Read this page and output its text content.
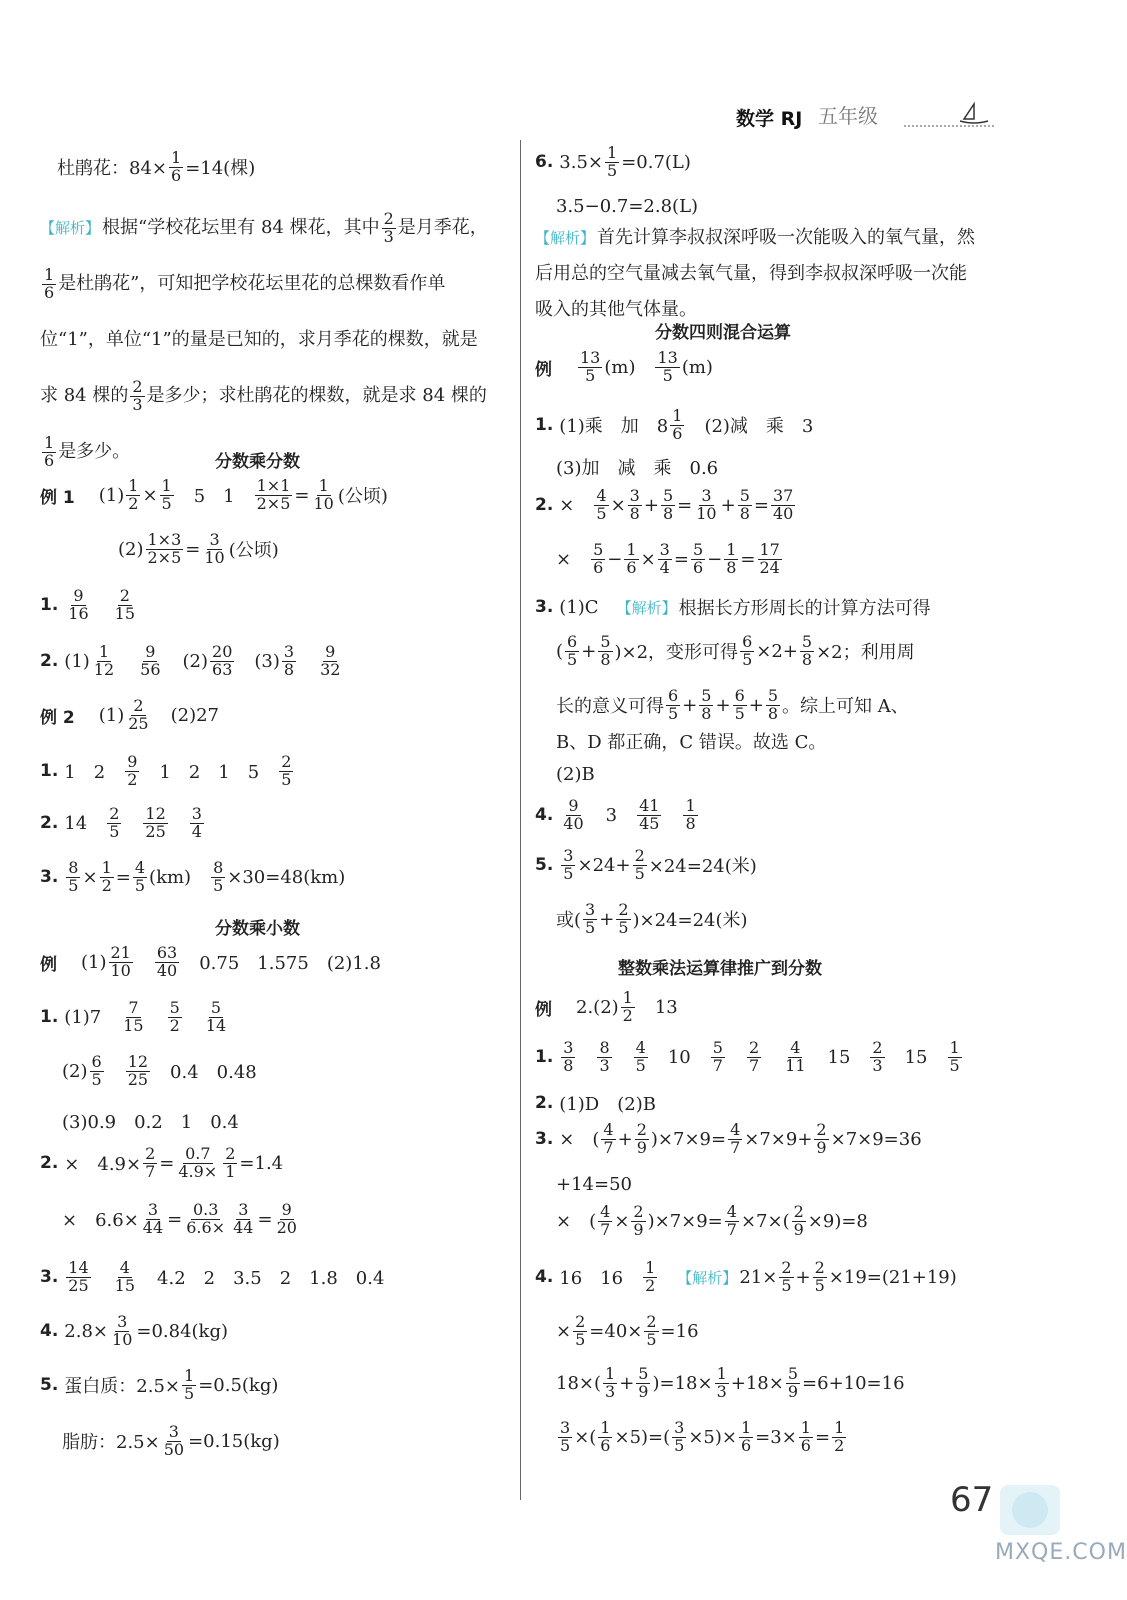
数学 RJ 五年级
杜鹃花：$84\times \frac{1}{6} =14$(棵)
【解析】 根据“学校花坛里有 84 棵花，其中 $\frac{2}{3}$ 是月季花，
$\frac{1}{6}$ 是杜鹃花”，可知把学校花坛里花的总棵数看作单位“1”，单位“1”的量是已知的，求月季花的棵数，就是求 84 棵的 $\frac{2}{3}$ 是多少；求杜鹃花的棵数，就是求 84 棵的
$\frac{1}{6}$ 是多少。	分数乘分数
例 1 $(1) \frac{1}{2} \times \frac{1}{5} 5$　$1 \frac{1\times 1}{2\times 5} = \frac{1}{10}$ (公顷)
$(2) \frac{1\times 3}{2\times 5} = \frac{3}{10}$ (公顷)
1. $\frac{9}{16} \frac{2}{15}$
2. $(1) \frac{1}{12} \frac{9}{56} (2) \frac{20}{63} (3) \frac{3}{8} \frac{9}{32}$
例 2 $(1) \frac{2}{25} (2)27$
1. 1　$2 \frac{9}{2} 1$　2　1　$5 \frac{2}{5}$
2. $14 \frac{2}{5} \frac{12}{25} \frac{3}{4}$
3. $\frac{8}{5} \times \frac{1}{2} = \frac{4}{5} (km) \frac{8}{5} \times 30=48(km)$
分数乘小数
例 $(1) \frac{21}{10} \frac{63}{40} 0.75$　1.575　(2)1.8
1. $(1)7 \frac{7}{15} \frac{5}{2} \frac{5}{14}$
$(2) \frac{6}{5} \frac{12}{25} 0.4$　0.48
(3)0.9　0.2　1　0.4
2. ×　$4.9\times \frac{2}{7} = \frac{0.7}{4.9\times} \frac{2}{1} =1.4$
×　$6.6\times \frac{3}{44} = \frac{0.3}{6.6\times} \frac{3}{44} = \frac{9}{20}$
3. $\frac{14}{25} \frac{4}{15} 4.2$　2　3.5　2　1.8　0.4
4. $2.8\times \frac{3}{10} =0.84(kg)$
5. 蛋白质：$2.5\times \frac{1}{5} =0.5(kg)$
脂肪：$2.5\times \frac{3}{50} =0.15(kg)$
6. $3.5\times \frac{1}{5} =0.7(L)$
3.5−0.7=2.8(L)
【解析】 首先计算李叔叔深呼吸一次能吸入的氧气量，然后用总的空气量减去氧气量，得到李叔叔深呼吸一次能吸入的其他气体量。
分数四则混合运算
例 $\frac{13}{5} (m) \frac{13}{5} (m)$
1. (1)乘　加　$8 \frac{1}{6} (2)$减　乘　3
(3)加　减　乘　0.6
2. × $\frac{4}{5} \times \frac{3}{8} + \frac{5}{8} = \frac{3}{10} + \frac{5}{8} = \frac{37}{40}$
× $\frac{5}{6} - \frac{1}{6} \times \frac{3}{4} = \frac{5}{6} - \frac{1}{8} = \frac{17}{24}$
3. (1)C 【解析】 根据长方形周长的计算方法可得
( $\frac{6}{5} + \frac{5}{8} )\times 2$，变形可得 $\frac{6}{5} \times 2+ \frac{5}{8} \times 2$；利用周
长的意义可得 $\frac{6}{5} + \frac{5}{8} + \frac{6}{5} + \frac{5}{8}$ 。综上可知 A、
B、D 都正确，C 错误。故选 C。
(2)B
4. $\frac{9}{40} 3 \frac{41}{45} \frac{1}{8}$
5. $\frac{3}{5} \times 24+ \frac{2}{5} \times 24=24$(米)
或( $\frac{3}{5} + \frac{2}{5} )\times 24=24$(米)
整数乘法运算律推广到分数
例 $2.(2) \frac{1}{2} 13$
1. $\frac{3}{8} \frac{8}{3} \frac{4}{5} 10 \frac{5}{7} \frac{2}{7} \frac{4}{11} 15 \frac{2}{3} 15 \frac{1}{5}$
2. (1)D　(2)B
3. × ( $\frac{4}{7} + \frac{2}{9} )\times 7\times 9= \frac{4}{7} \times 7\times 9+ \frac{2}{9} \times 7\times 9=36$
+14=50
× ( $\frac{4}{7} \times \frac{2}{9} )\times 7\times 9= \frac{4}{7} \times 7\times( \frac{2}{9} \times 9)=8$
4. 16　$16 \frac{1}{2}$ 【解析】 $21\times \frac{2}{5} + \frac{2}{5} \times 19=(21+19)$
× $\frac{2}{5} =40\times \frac{2}{5} =16$
$18\times( \frac{1}{3} + \frac{5}{9} )=18\times \frac{1}{3} +18\times \frac{5}{9} =6+10=16$
$\frac{3}{5}$ ×( $\frac{1}{6} \times 5)=( \frac{3}{5} \times 5)\times \frac{1}{6} =3\times \frac{1}{6} = \frac{1}{2}$
67
MXQE.COM
